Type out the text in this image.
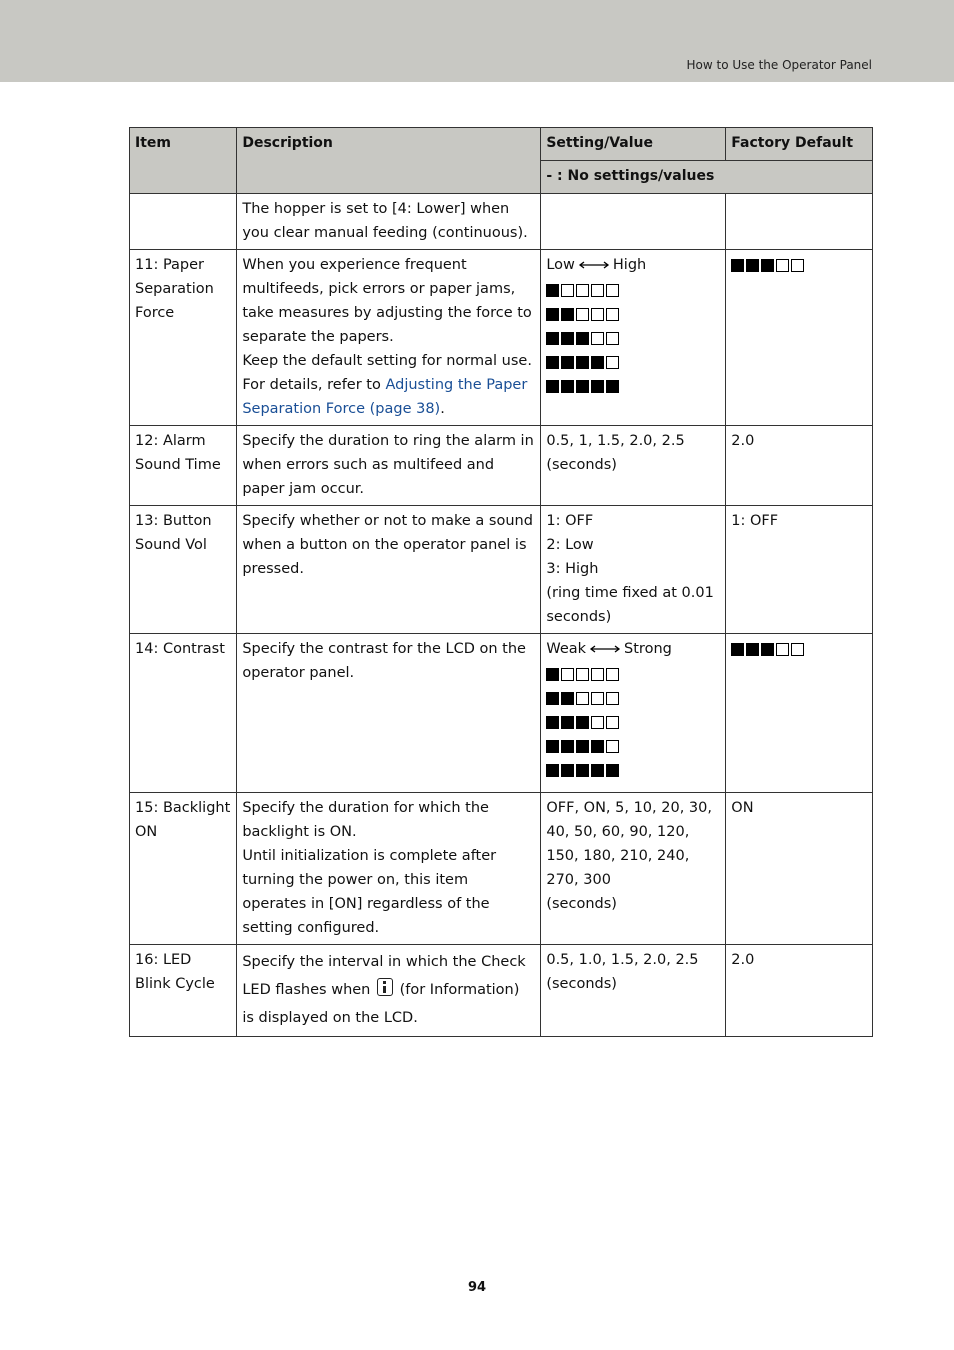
How to Use the Operator Panel
Item	Description	Setting/Value	Factory Default
		- : No settings/values	

	The hopper is set to [4: Lower] when you clear manual feeding (continuous).		

11: Paper Separation Force	When you experience frequent multifeeds, pick errors or paper jams, take measures by adjusting the force to separate the papers.
Keep the default setting for normal use.
For details, refer to Adjusting the Paper Separation Force (page 38).	Low High	

12: Alarm Sound Time	Specify the duration to ring the alarm in when errors such as multifeed and paper jam occur.	0.5, 1, 1.5, 2.0, 2.5
(seconds)	2.0
13: Button Sound Vol	Specify whether or not to make a sound when a button on the operator panel is pressed.	1: OFF
2: Low
3: High
(ring time fixed at 0.01 seconds)	1: OFF
14: Contrast	Specify the contrast for the LCD on the operator panel.	Weak Strong	

15: Backlight ON	Specify the duration for which the backlight is ON.
Until initialization is complete after turning the power on, this item operates in [ON] regardless of the setting configured.	OFF, ON, 5, 10, 20, 30, 40, 50, 60, 90, 120, 150, 180, 210, 240, 270, 300
(seconds)	ON
16: LED Blink Cycle	Specify the interval in which the Check LED flashes when (for Information) is displayed on the LCD.	0.5, 1.0, 1.5, 2.0, 2.5
(seconds)	2.0
94
